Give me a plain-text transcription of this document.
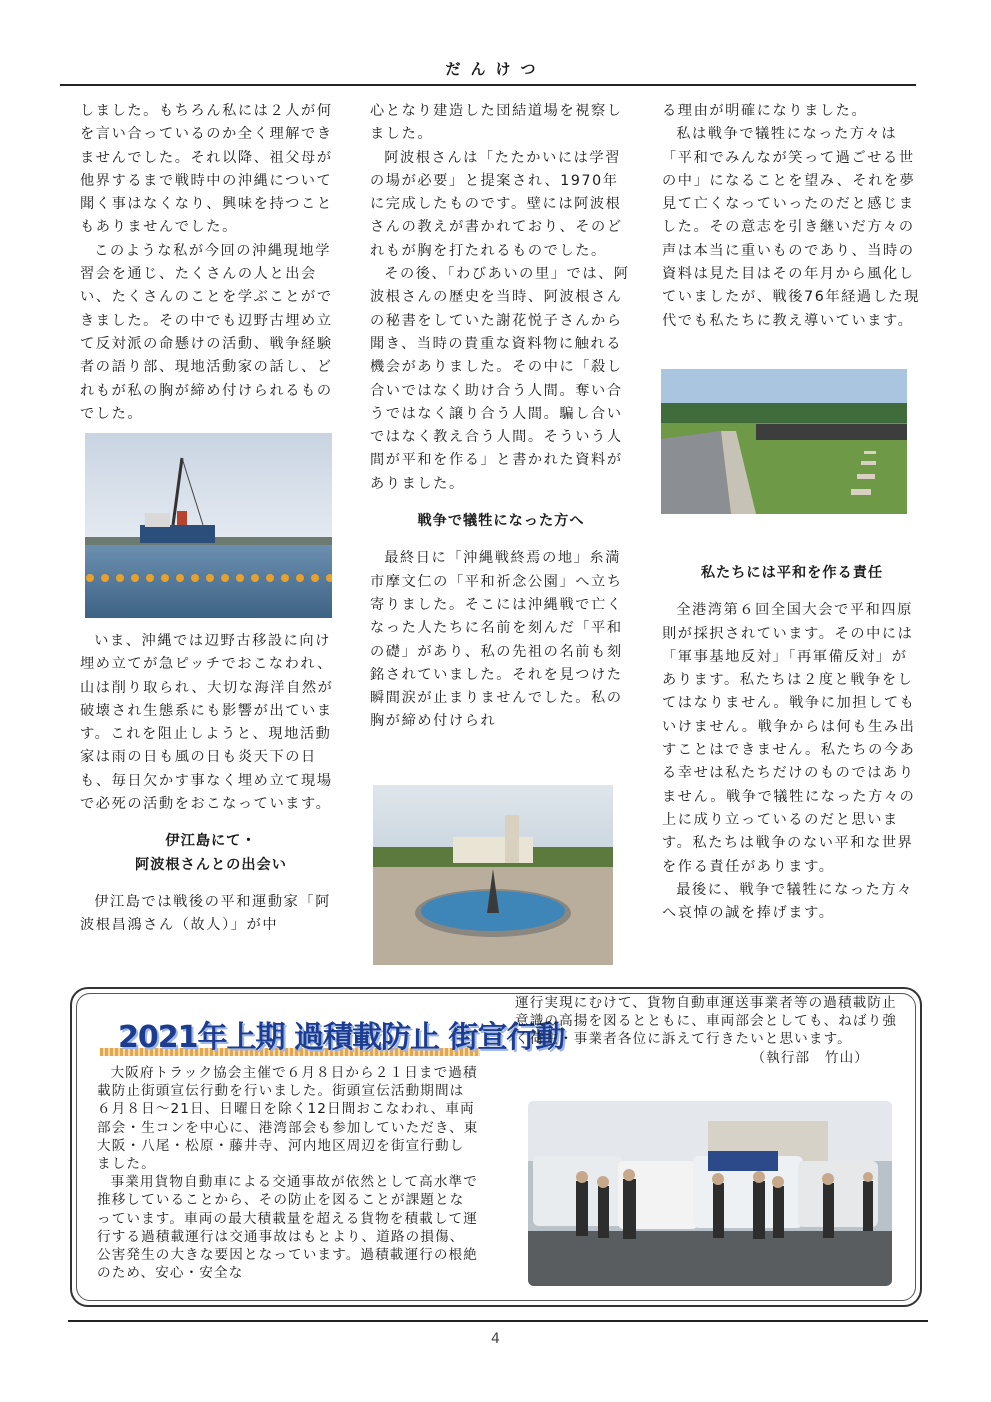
だんけつ

しました。もちろん私には２人が何を言い合っているのか全く理解できませんでした。それ以降、祖父母が他界するまで戦時中の沖縄について聞く事はなくなり、興味を持つこともありませんでした。

このような私が今回の沖縄現地学習会を通じ、たくさんの人と出会い、たくさんのことを学ぶことができました。その中でも辺野古埋め立て反対派の命懸けの活動、戦争経験者の語り部、現地活動家の話し、どれもが私の胸が締め付けられるものでした。

いま、沖縄では辺野古移設に向け埋め立てが急ピッチでおこなわれ、山は削り取られ、大切な海洋自然が破壊され生態系にも影響が出ています。これを阻止しようと、現地活動家は雨の日も風の日も炎天下の日も、毎日欠かす事なく埋め立て現場で必死の活動をおこなっています。

伊江島にて・

阿波根さんとの出会い

伊江島では戦後の平和運動家「阿波根昌鴻さん（故人）」が中

心となり建造した団結道場を視察しました。

阿波根さんは「たたかいには学習の場が必要」と提案され、1970年に完成したものです。壁には阿波根さんの教えが書かれており、そのどれもが胸を打たれるものでした。

その後、「わびあいの里」では、阿波根さんの歴史を当時、阿波根さんの秘書をしていた謝花悦子さんから聞き、当時の貴重な資料物に触れる機会がありました。その中に「殺し合いではなく助け合う人間。奪い合うではなく譲り合う人間。騙し合いではなく教え合う人間。そういう人間が平和を作る」と書かれた資料がありました。

戦争で犠牲になった方へ

最終日に「沖縄戦終焉の地」糸満市摩文仁の「平和祈念公園」へ立ち寄りました。そこには沖縄戦で亡くなった人たちに名前を刻んだ「平和の礎」があり、私の先祖の名前も刻銘されていました。それを見つけた瞬間涙が止まりませんでした。私の胸が締め付けられ

る理由が明確になりました。

私は戦争で犠牲になった方々は「平和でみんなが笑って過ごせる世の中」になることを望み、それを夢見て亡くなっていったのだと感じました。その意志を引き継いだ方々の声は本当に重いものであり、当時の資料は見た目はその年月から風化していましたが、戦後76年経過した現代でも私たちに教え導いています。

私たちには平和を作る責任

全港湾第６回全国大会で平和四原則が採択されています。その中には「軍事基地反対」「再軍備反対」があります。私たちは２度と戦争をしてはなりません。戦争に加担してもいけません。戦争からは何も生み出すことはできません。私たちの今ある幸せは私たちだけのものではありません。戦争で犠牲になった方々の上に成り立っているのだと思います。私たちは戦争のない平和な世界を作る責任があります。

最後に、戦争で犠牲になった方々へ哀悼の誠を捧げます。

2021年上期 過積載防止 街宣行動

大阪府トラック協会主催で６月８日から２１日まで過積載防止街頭宣伝行動を行いました。街頭宣伝活動期間は６月８日～21日、日曜日を除く12日間おこなわれ、車両部会・生コンを中心に、港湾部会も参加していただき、東大阪・八尾・松原・藤井寺、河内地区周辺を街宣行動しました。

事業用貨物自動車による交通事故が依然として高水準で推移していることから、その防止を図ることが課題となっています。車両の最大積載量を超える貨物を積載して運行する過積載運行は交通事故はもとより、道路の損傷、公害発生の大きな要因となっています。過積載運行の根絶のため、安心・安全な

運行実現にむけて、貨物自動車運送事業者等の過積載防止意識の高揚を図るとともに、車両部会としても、ねばり強く荷主・事業者各位に訴えて行きたいと思います。

（執行部　竹山）

4
